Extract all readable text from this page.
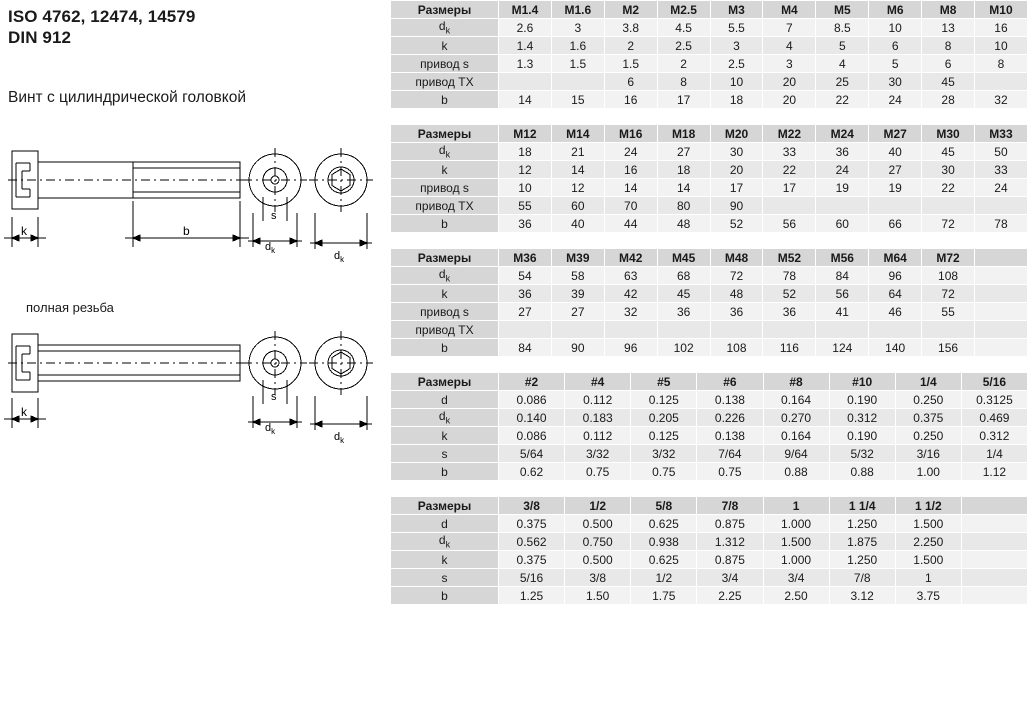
ISO 4762, 12474, 14579
DIN 912
Винт с цилиндрической головкой
k	b
s
$d_k$	$d_k$
полная резьба
k
s
$d_k$	$d_k$
Размеры	M1.4	M1.6	M2	M2.5	M3	M4	M5	M6	M8	M10
$d_k$	2.6	3	3.8	4.5	5.5	7	8.5	10	13	16
k	1.4	1.6	2	2.5	3	4	5	6	8	10
привод s	1.3	1.5	1.5	2	2.5	3	4	5	6	8
привод TX			6	8	10	20	25	30	45	
b	14	15	16	17	18	20	22	24	28	32
Размеры	M12	M14	M16	M18	M20	M22	M24	M27	M30	M33
$d_k$	18	21	24	27	30	33	36	40	45	50
k	12	14	16	18	20	22	24	27	30	33
привод s	10	12	14	14	17	17	19	19	22	24
привод TX	55	60	70	80	90					
b	36	40	44	48	52	56	60	66	72	78
Размеры	M36	M39	M42	M45	M48	M52	M56	M64	M72	
$d_k$	54	58	63	68	72	78	84	96	108	
k	36	39	42	45	48	52	56	64	72	
привод s	27	27	32	36	36	36	41	46	55	
привод TX										
b	84	90	96	102	108	116	124	140	156	
Размеры	#2	#4	#5	#6	#8	#10	1/4	5/16
d	0.086	0.112	0.125	0.138	0.164	0.190	0.250	0.3125
$d_k$	0.140	0.183	0.205	0.226	0.270	0.312	0.375	0.469
k	0.086	0.112	0.125	0.138	0.164	0.190	0.250	0.312
s	5/64	3/32	3/32	7/64	9/64	5/32	3/16	1/4
b	0.62	0.75	0.75	0.75	0.88	0.88	1.00	1.12
Размеры	3/8	1/2	5/8	7/8	1	1 1/4	1 1/2	
d	0.375	0.500	0.625	0.875	1.000	1.250	1.500	
$d_k$	0.562	0.750	0.938	1.312	1.500	1.875	2.250	
k	0.375	0.500	0.625	0.875	1.000	1.250	1.500	
s	5/16	3/8	1/2	3/4	3/4	7/8	1	
b	1.25	1.50	1.75	2.25	2.50	3.12	3.75	
